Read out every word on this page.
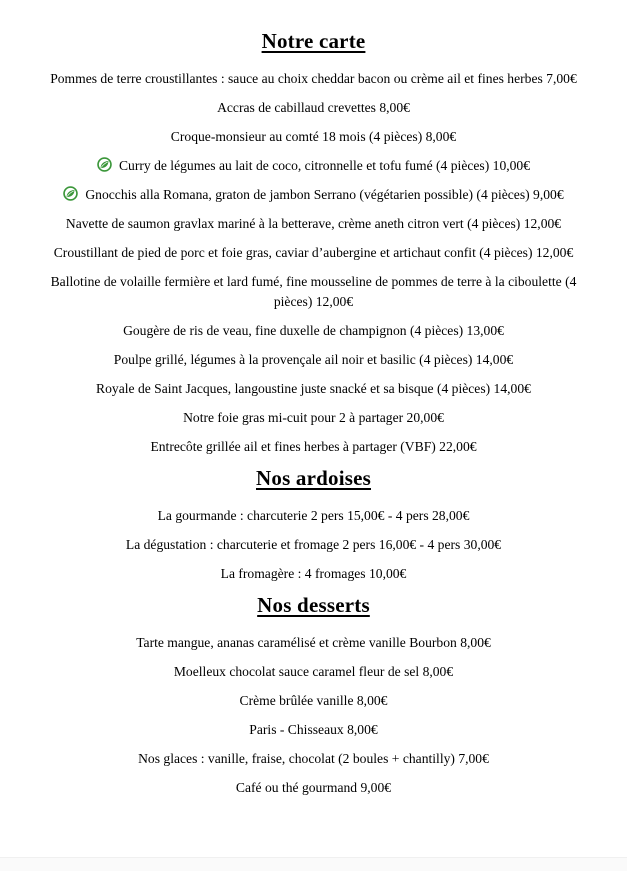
Notre carte
Pommes de terre croustillantes : sauce au choix cheddar bacon ou crème ail et fines herbes 7,00€
Accras de cabillaud crevettes 8,00€
Croque-monsieur au comté 18 mois (4 pièces) 8,00€
Curry de légumes au lait de coco, citronnelle et tofu fumé (4 pièces) 10,00€
Gnocchis alla Romana, graton de jambon Serrano (végétarien possible) (4 pièces) 9,00€
Navette de saumon gravlax mariné à la betterave, crème aneth citron vert (4 pièces) 12,00€
Croustillant de pied de porc et foie gras, caviar d’aubergine et artichaut confit (4 pièces) 12,00€
Ballotine de volaille fermière et lard fumé, fine mousseline de pommes de terre à la ciboulette (4 pièces) 12,00€
Gougère de ris de veau, fine duxelle de champignon (4 pièces) 13,00€
Poulpe grillé, légumes à la provençale ail noir et basilic (4 pièces) 14,00€
Royale de Saint Jacques, langoustine juste snacké et sa bisque (4 pièces) 14,00€
Notre foie gras mi-cuit pour 2 à partager 20,00€
Entrecôte grillée ail et fines herbes à partager (VBF) 22,00€
Nos ardoises
La gourmande : charcuterie 2 pers 15,00€ - 4 pers 28,00€
La dégustation : charcuterie et fromage 2 pers 16,00€ - 4 pers 30,00€
La fromagère : 4 fromages 10,00€
Nos desserts
Tarte mangue, ananas caramélisé et crème vanille Bourbon 8,00€
Moelleux chocolat sauce caramel fleur de sel 8,00€
Crème brûlée vanille 8,00€
Paris - Chisseaux 8,00€
Nos glaces : vanille, fraise, chocolat (2 boules + chantilly) 7,00€
Café ou thé gourmand 9,00€
